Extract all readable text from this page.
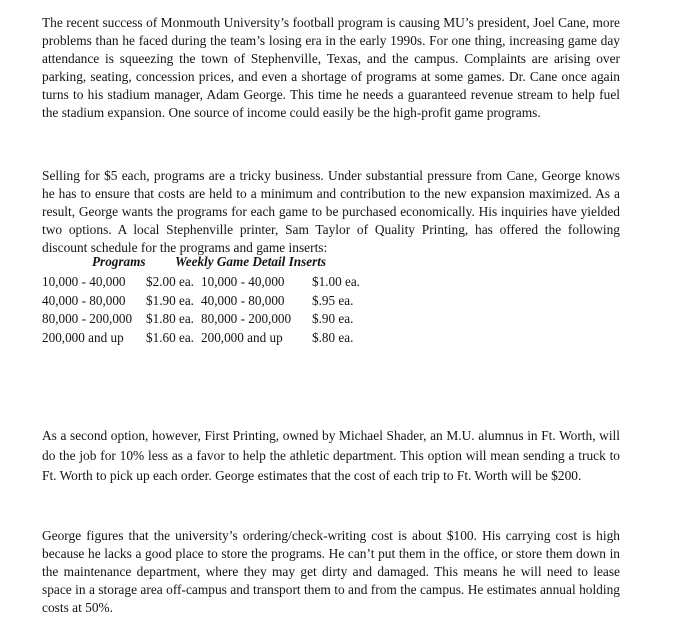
The recent success of Monmouth University’s football program is causing MU’s president, Joel Cane, more problems than he faced during the team’s losing era in the early 1990s. For one thing, increasing game day attendance is squeezing the town of Stephenville, Texas, and the campus. Complaints are arising over parking, seating, concession prices, and even a shortage of programs at some games. Dr. Cane once again turns to his stadium manager, Adam George. This time he needs a guaranteed revenue stream to help fuel the stadium expansion. One source of income could easily be the high-profit game programs.

Selling for $5 each, programs are a tricky business. Under substantial pressure from Cane, George knows he has to ensure that costs are held to a minimum and contribution to the new expansion maximized. As a result, George wants the programs for each game to be purchased economically. His inquiries have yielded two options. A local Stephenville printer, Sam Taylor of Quality Printing, has offered the following discount schedule for the programs and game inserts:

Programs Weekly Game Detail Inserts
10,000 - 40,000 $2.00 ea. 10,000 - 40,000 $1.00 ea.
40,000 - 80,000 $1.90 ea. 40,000 - 80,000 $.95 ea.
80,000 - 200,000 $1.80 ea. 80,000 - 200,000 $.90 ea.
200,000 and up $1.60 ea. 200,000 and up $.80 ea.

As a second option, however, First Printing, owned by Michael Shader, an M.U. alumnus in Ft. Worth, will do the job for 10% less as a favor to help the athletic department. This option will mean sending a truck to Ft. Worth to pick up each order. George estimates that the cost of each trip to Ft. Worth will be $200.

George figures that the university’s ordering/check-writing cost is about $100. His carrying cost is high because he lacks a good place to store the programs. He can’t put them in the office, or store them down in the maintenance department, where they may get dirty and damaged. This means he will need to lease space in a storage area off-campus and transport them to and from the campus. He estimates annual holding costs at 50%.
